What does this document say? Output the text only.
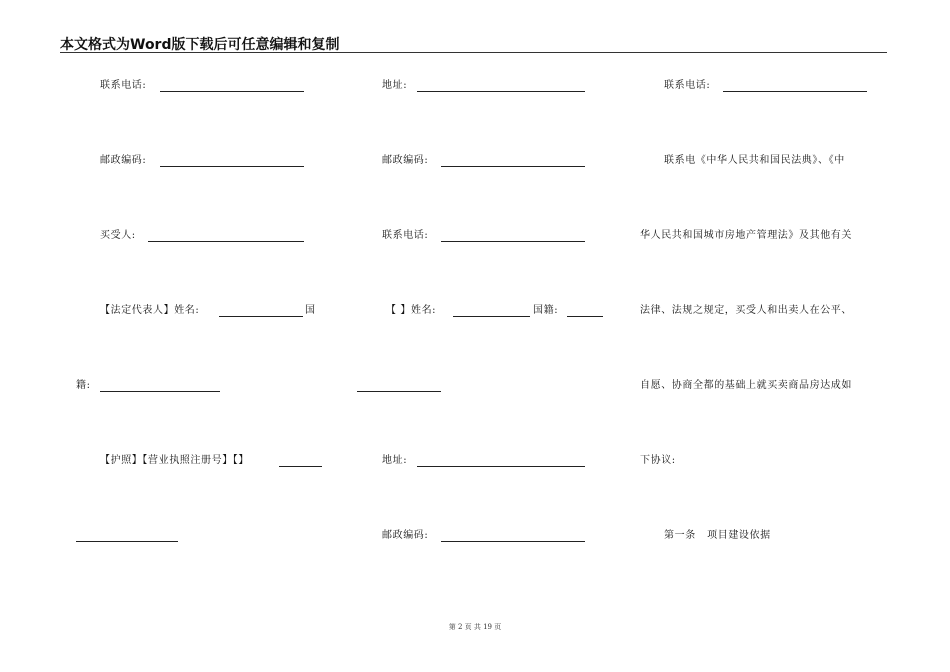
本文格式为Word版下载后可任意编辑和复制
联系电话:
邮政编码:
买受人:
【法定代表人】姓名:	国
籍:
【护照】【营业执照注册号】【】
地址:
邮政编码:
联系电话:
【 】姓名:	国籍:
地址:
邮政编码:
联系电话:
联系电《中华人民共和国民法典》、《中
华人民共和国城市房地产管理法》及其他有关
法律、法规之规定，买受人和出卖人在公平、
自愿、协商全都的基础上就买卖商品房达成如
下协议:
第一条   项目建设依据
第 2 页 共 19 页
